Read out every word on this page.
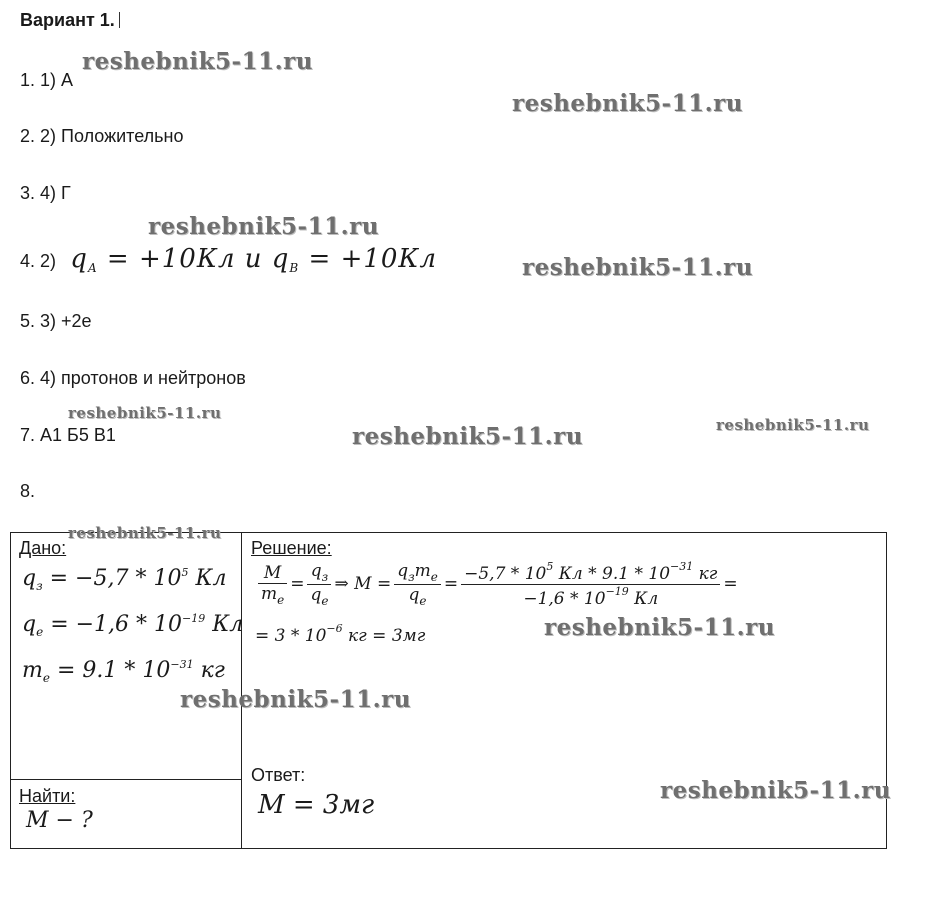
Вариант 1.
1. 1) А
2. 2) Положительно
3. 4) Г
4. 2)  $q_A = +10Кл$ и $q_B = +10Кл$
5. 3) +2е
6. 4) протонов и нейтронов
7. А1 Б5 В1
8.
Дано:
$q_з = -5,7 * 10^5$ Кл
$q_e = -1,6 * 10^{-19}$ Кл
$m_e = 9.1 * 10^{-31}$ кг
Найти:
M − ?
Решение:
$\frac{M}{m_e} = \frac{q_з}{q_e}$ ⇒ $M = \frac{q_зm_e}{q_e} = \frac{-5,7 * 10^5 Кл * 9.1 * 10^{-31} кг}{-1,6 * 10^{-19} Кл}$ =
= $3 * 10^{-6}$ кг = 3мг
Ответ:
M = 3мг
reshebnik5-11.ru
reshebnik5-11.ru
reshebnik5-11.ru
reshebnik5-11.ru
reshebnik5-11.ru
reshebnik5-11.ru	reshebnik5-11.ru
reshebnik5-11.ru
reshebnik5-11.ru
reshebnik5-11.ru
reshebnik5-11.ru
